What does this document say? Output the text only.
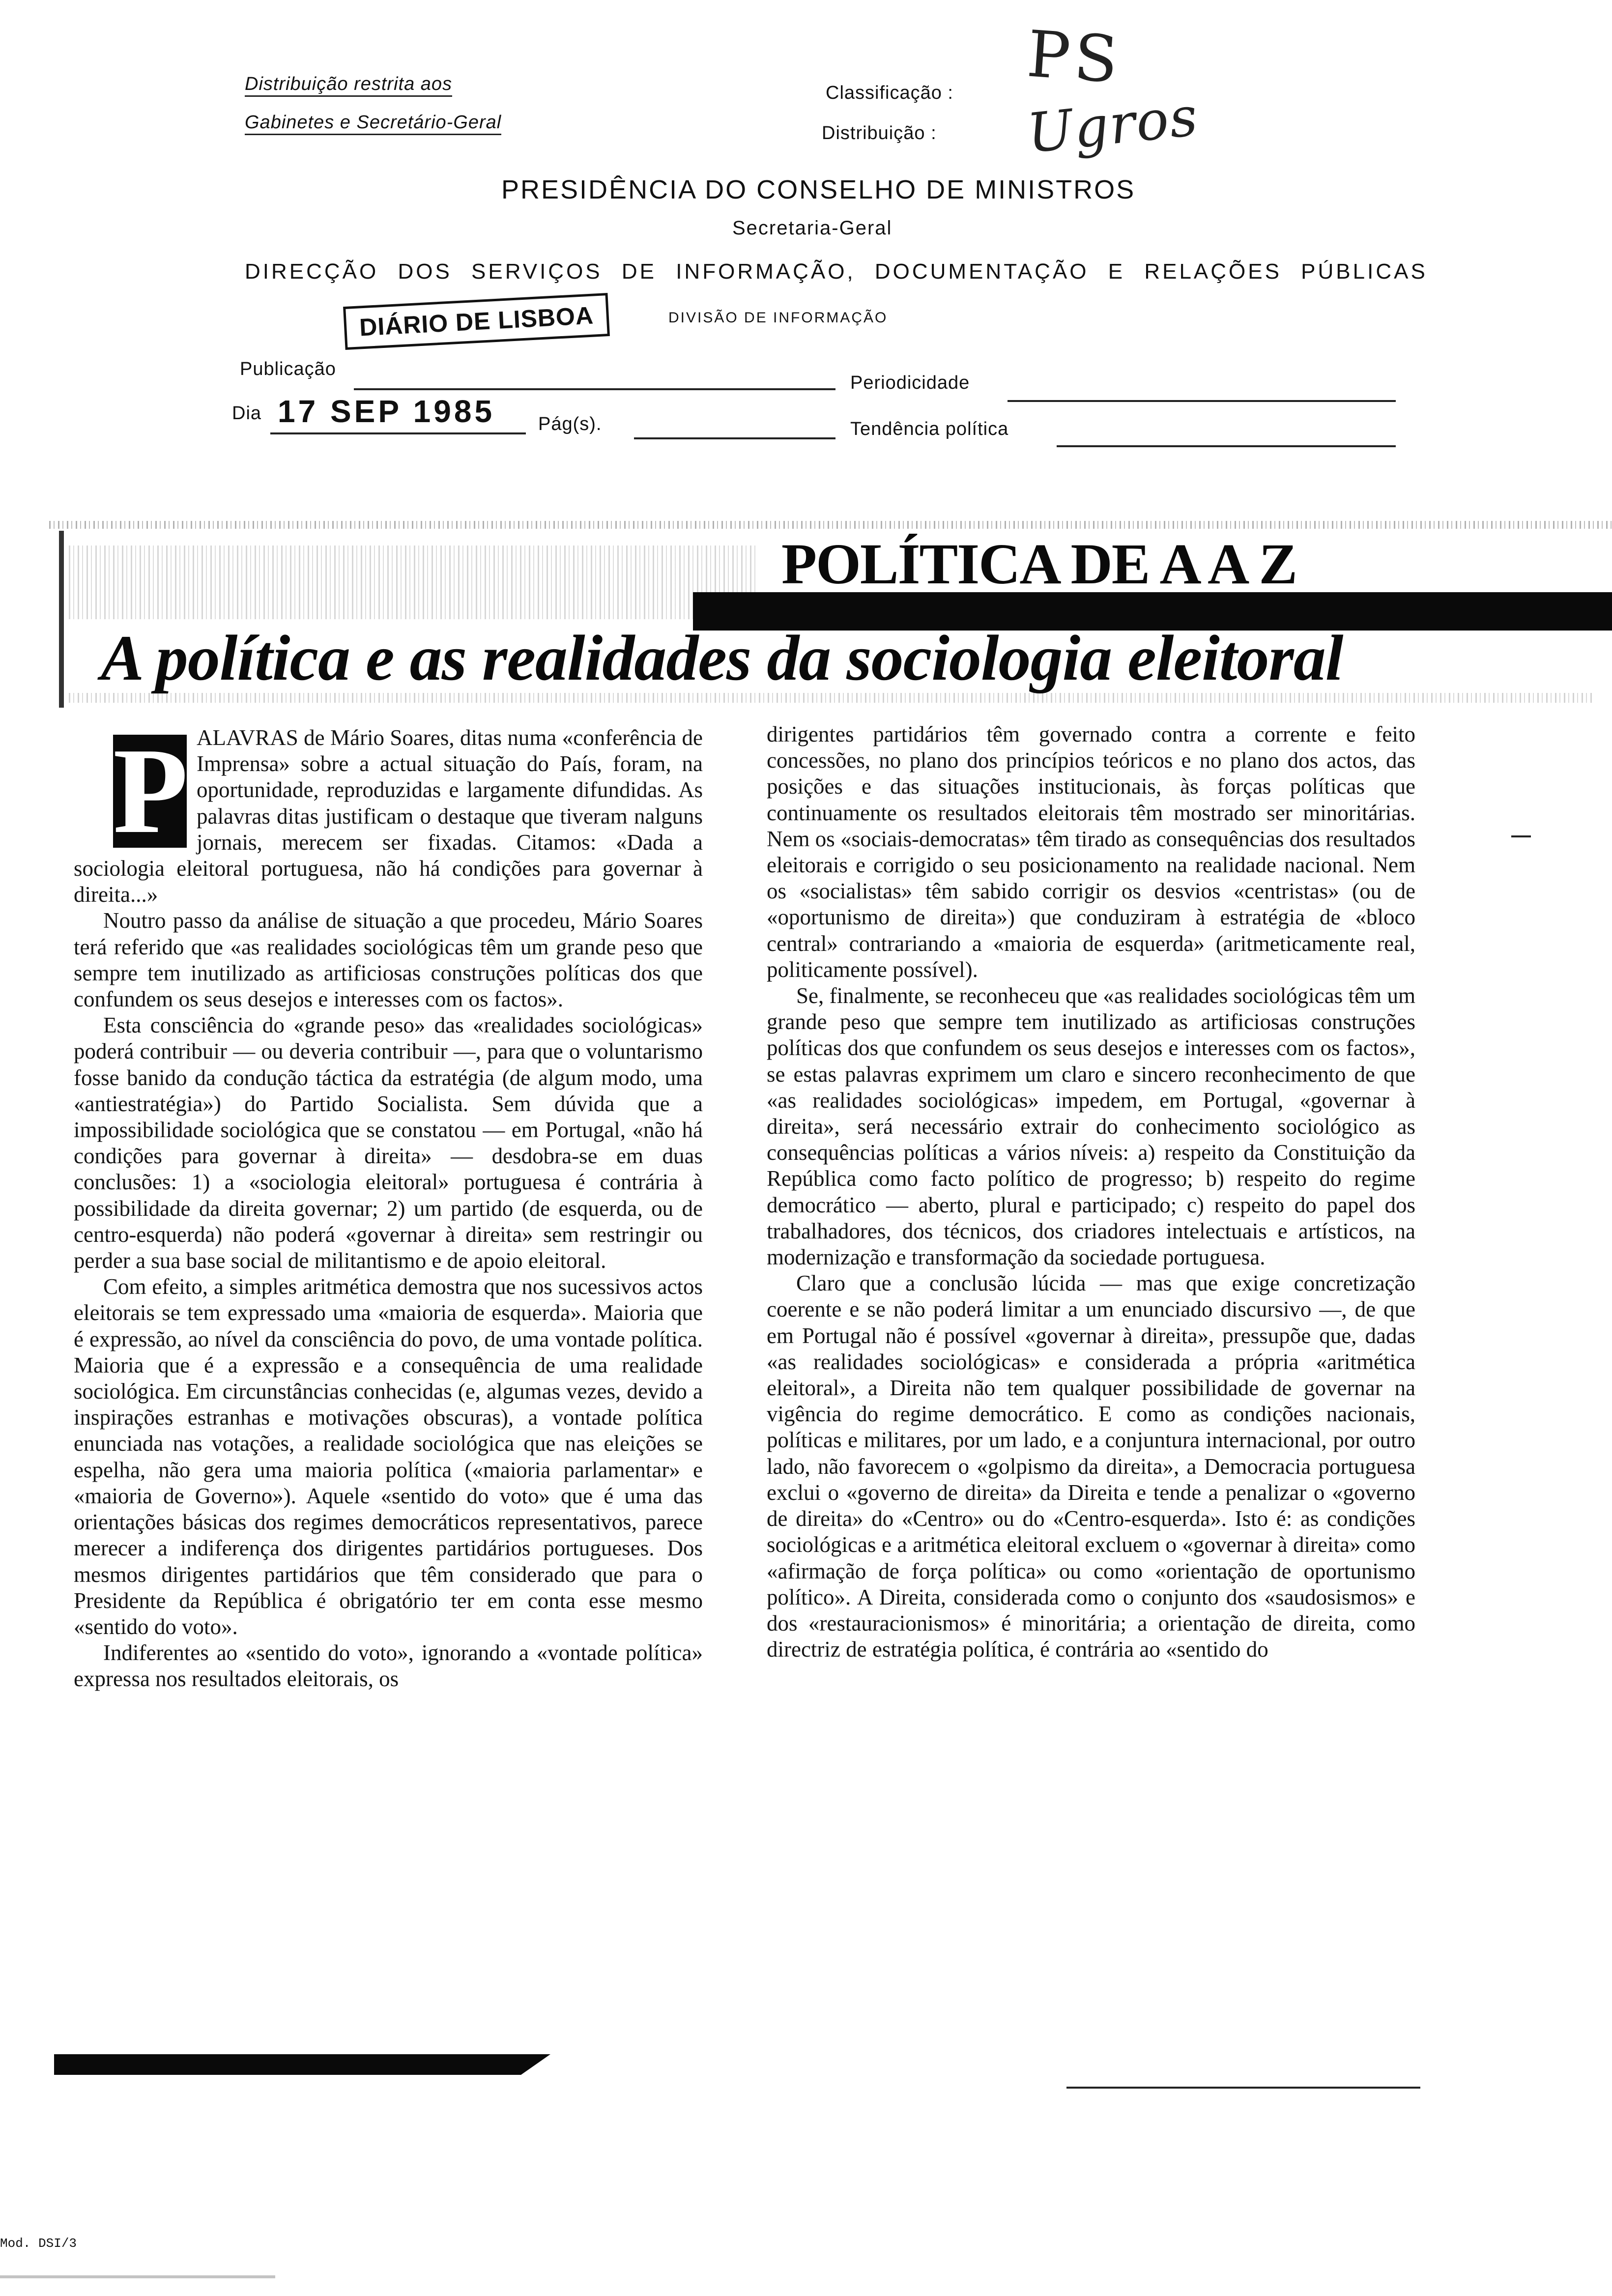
Distribuição restrita aos
Gabinetes e Secretário-Geral
Classificação :
Distribuição :
PS
Ugros
PRESIDÊNCIA DO CONSELHO DE MINISTROS
Secretaria-Geral
DIRECÇÃO DOS SERVIÇOS DE INFORMAÇÃO, DOCUMENTAÇÃO E RELAÇÕES PÚBLICAS
DIÁRIO DE LISBOA	DIVISÃO DE INFORMAÇÃO
Publicação
Periodicidade
Dia 17 SEP 1985 Pág(s).	Tendência política
POLÍTICA DE A A Z
A política e as realidades da sociologia eleitoral
P ALAVRAS de Mário Soares, ditas numa «conferência de Imprensa» sobre a actual situação do País, foram, na oportunidade, reproduzidas e largamente difundidas. As palavras ditas justificam o destaque que tiveram nalguns jornais, merecem ser fixadas. Citamos: «Dada a sociologia eleitoral portuguesa, não há condições para governar à direita...»

Noutro passo da análise de situação a que procedeu, Mário Soares terá referido que «as realidades sociológicas têm um grande peso que sempre tem inutilizado as artificiosas construções políticas dos que confundem os seus desejos e interesses com os factos».

Esta consciência do «grande peso» das «realidades sociológicas» poderá contribuir — ou deveria contribuir —, para que o voluntarismo fosse banido da condução táctica da estratégia (de algum modo, uma «antiestratégia») do Partido Socialista. Sem dúvida que a impossibilidade sociológica que se constatou — em Portugal, «não há condições para governar à direita» — desdobra-se em duas conclusões: 1) a «sociologia eleitoral» portuguesa é contrária à possibilidade da direita governar; 2) um partido (de esquerda, ou de centro-esquerda) não poderá «governar à direita» sem restringir ou perder a sua base social de militantismo e de apoio eleitoral.

Com efeito, a simples aritmética demostra que nos sucessivos actos eleitorais se tem expressado uma «maioria de esquerda». Maioria que é expressão, ao nível da consciência do povo, de uma vontade política. Maioria que é a expressão e a consequência de uma realidade sociológica. Em circunstâncias conhecidas (e, algumas vezes, devido a inspirações estranhas e motivações obscuras), a vontade política enunciada nas votações, a realidade sociológica que nas eleições se espelha, não gera uma maioria política («maioria parlamentar» e «maioria de Governo»). Aquele «sentido do voto» que é uma das orientações básicas dos regimes democráticos representativos, parece merecer a indiferença dos dirigentes partidários portugueses. Dos mesmos dirigentes partidários que têm considerado que para o Presidente da República é obrigatório ter em conta esse mesmo «sentido do voto».

Indiferentes ao «sentido do voto», ignorando a «vontade política» expressa nos resultados eleitorais, os

dirigentes partidários têm governado contra a corrente e feito concessões, no plano dos princípios teóricos e no plano dos actos, das posições e das situações institucionais, às forças políticas que continuamente os resultados eleitorais têm mostrado ser minoritárias. Nem os «sociais-democratas» têm tirado as consequências dos resultados eleitorais e corrigido o seu posicionamento na realidade nacional. Nem os «socialistas» têm sabido corrigir os desvios «centristas» (ou de «oportunismo de direita») que conduziram à estratégia de «bloco central» contrariando a «maioria de esquerda» (aritmeticamente real, politicamente possível).

Se, finalmente, se reconheceu que «as realidades sociológicas têm um grande peso que sempre tem inutilizado as artificiosas construções políticas dos que confundem os seus desejos e interesses com os factos», se estas palavras exprimem um claro e sincero reconhecimento de que «as realidades sociológicas» impedem, em Portugal, «governar à direita», será necessário extrair do conhecimento sociológico as consequências políticas a vários níveis: a) respeito da Constituição da República como facto político de progresso; b) respeito do regime democrático — aberto, plural e participado; c) respeito do papel dos trabalhadores, dos técnicos, dos criadores intelectuais e artísticos, na modernização e transformação da sociedade portuguesa.

Claro que a conclusão lúcida — mas que exige concretização coerente e se não poderá limitar a um enunciado discursivo —, de que em Portugal não é possível «governar à direita», pressupõe que, dadas «as realidades sociológicas» e considerada a própria «aritmética eleitoral», a Direita não tem qualquer possibilidade de governar na vigência do regime democrático. E como as condições nacionais, políticas e militares, por um lado, e a conjuntura internacional, por outro lado, não favorecem o «golpismo da direita», a Democracia portuguesa exclui o «governo de direita» da Direita e tende a penalizar o «governo de direita» do «Centro» ou do «Centro-esquerda». Isto é: as condições sociológicas e a aritmética eleitoral excluem o «governar à direita» como «afirmação de força política» ou como «orientação de oportunismo político». A Direita, considerada como o conjunto dos «saudosismos» e dos «restauracionismos» é minoritária; a orientação de direita, como directriz de estratégia política, é contrária ao «sentido do

Mod. DSI/3
